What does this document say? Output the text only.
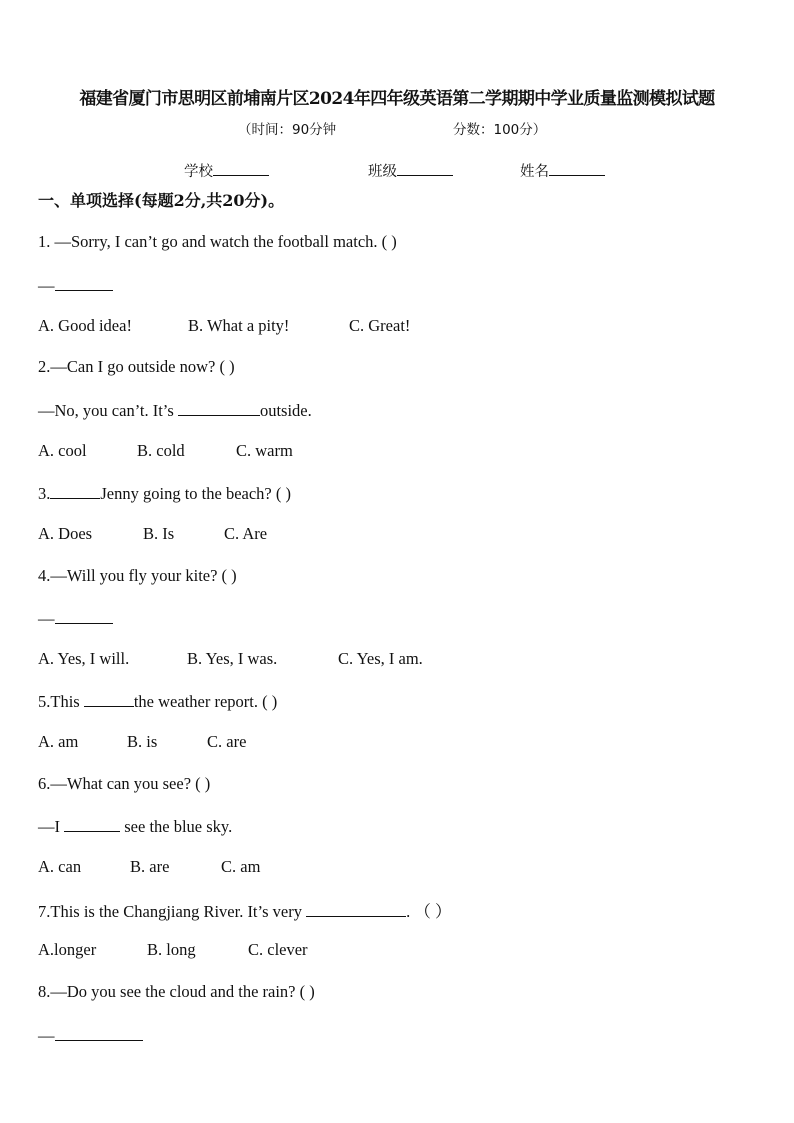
福建省厦门市思明区前埔南片区2024年四年级英语第二学期期中学业质量监测模拟试题
（时间：90分钟	分数：100分）
学校	班级	姓名
一、单项选择(每题2分,共20分)。
1. —Sorry, I can’t go and watch the football match. ( )
—
A. Good idea!	B. What a pity!	C. Great!
2.—Can I go outside now? ( )
—No, you can’t. It’s	outside.
A. cool	B. cold	C. warm
3.	Jenny going to the beach? ( )
A. Does	B. Is	C. Are
4.—Will you fly your kite? ( )
—
A. Yes, I will.	B. Yes, I was.	C. Yes, I am.
5.This	the weather report. ( )
A. am	B. is	C. are
6.—What can you see? ( )
—I	see the blue sky.
A. can	B. are	C. am
7.This is the Changjiang River. It’s very	. （ ）
A.longer	B. long	C. clever
8.—Do you see the cloud and the rain? ( )
—
